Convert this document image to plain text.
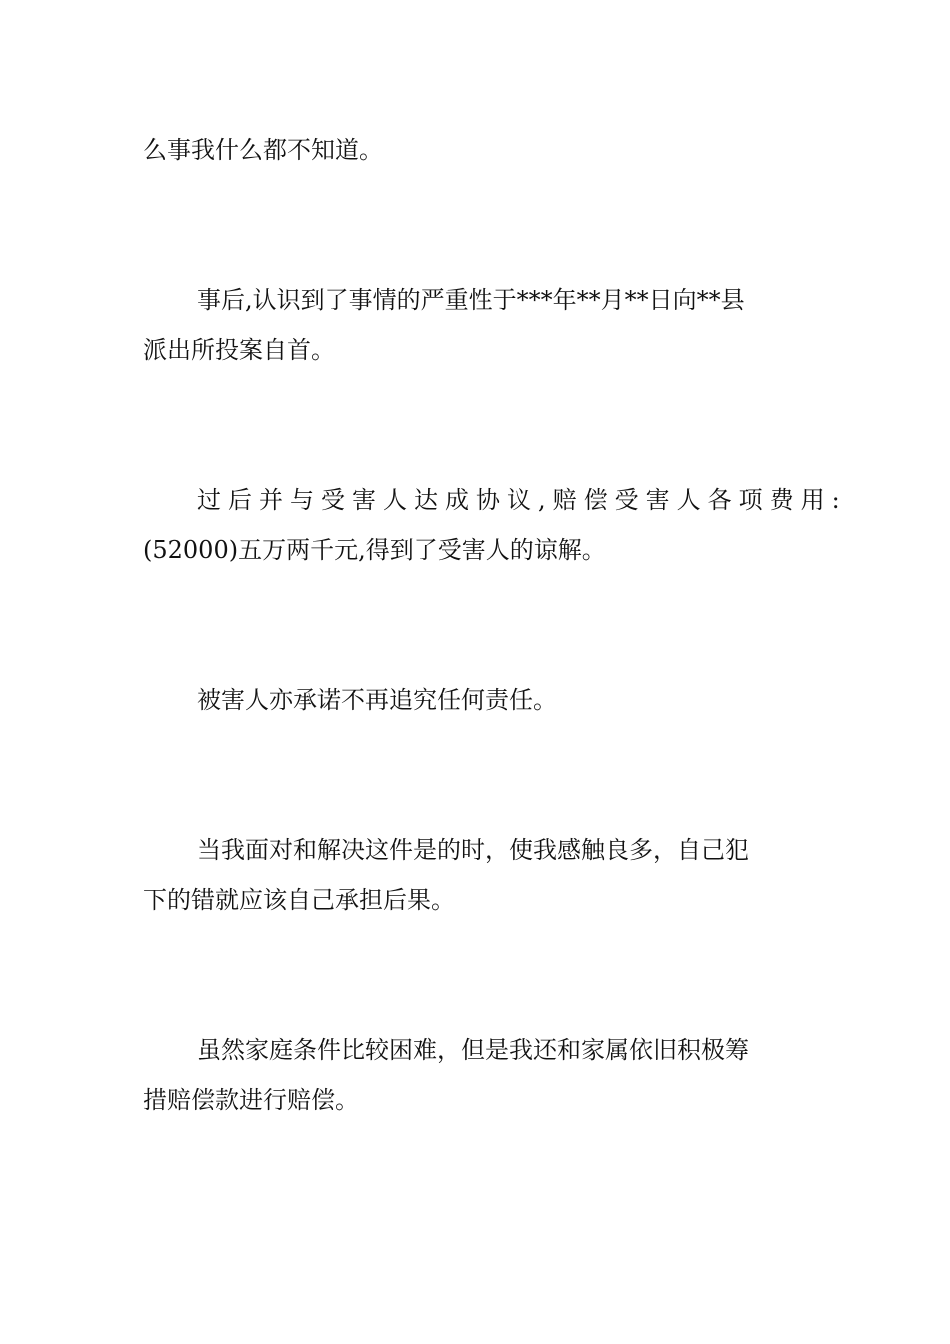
么事我什么都不知道。

事后,认识到了事情的严重性于***年**月**日向**县
派出所投案自首。

过后并与受害人达成协议,赔偿受害人各项费用:
(52000)五万两千元,得到了受害人的谅解。

被害人亦承诺不再追究任何责任。

当我面对和解决这件是的时，使我感触良多，自己犯
下的错就应该自己承担后果。

虽然家庭条件比较困难，但是我还和家属依旧积极筹
措赔偿款进行赔偿。
